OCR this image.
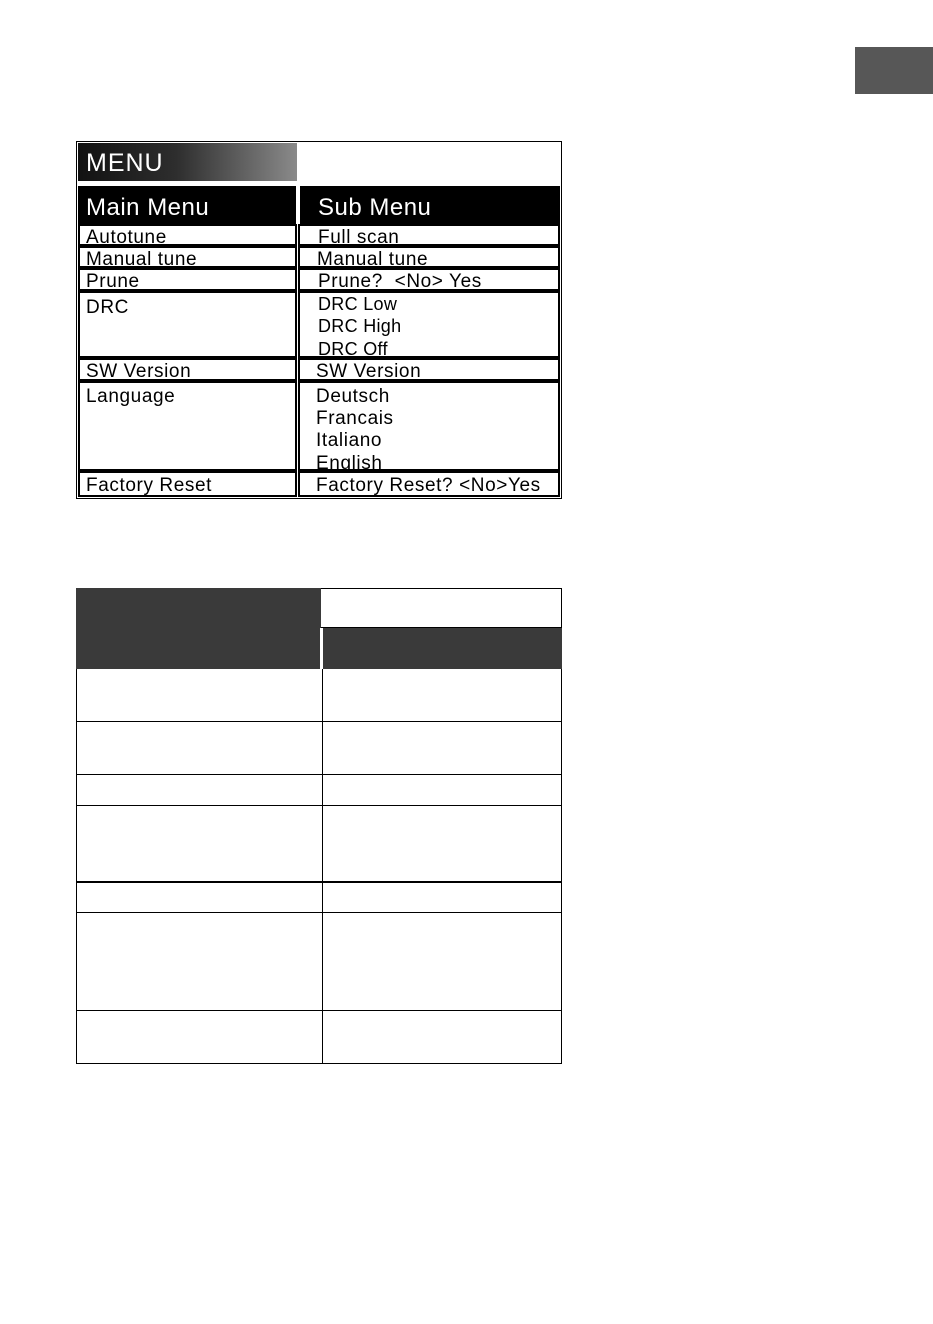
MENU
Main Menu	Sub Menu
Autotune	Full scan
Manual tune	Manual tune
Prune	Prune?  <No> Yes
DRC	DRC Low
DRC High
DRC Off
SW Version	SW Version
Language	Deutsch
Francais
Italiano
English
Factory Reset	Factory Reset? <No>Yes
